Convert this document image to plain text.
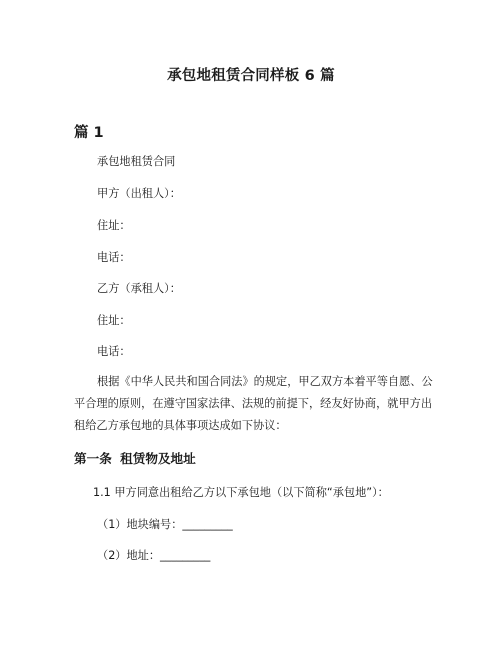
承包地租赁合同样板 6 篇
篇 1
承包地租赁合同
甲方（出租人）：
住址：
电话：
乙方（承租人）：
住址：
电话：
根据《中华人民共和国合同法》的规定，甲乙双方本着平等自愿、公平合理的原则，在遵守国家法律、法规的前提下，经友好协商，就甲方出租给乙方承包地的具体事项达成如下协议：
第一条 租赁物及地址
1.1 甲方同意出租给乙方以下承包地（以下简称“承包地”）：
（1）地块编号：_________
（2）地址：_________
